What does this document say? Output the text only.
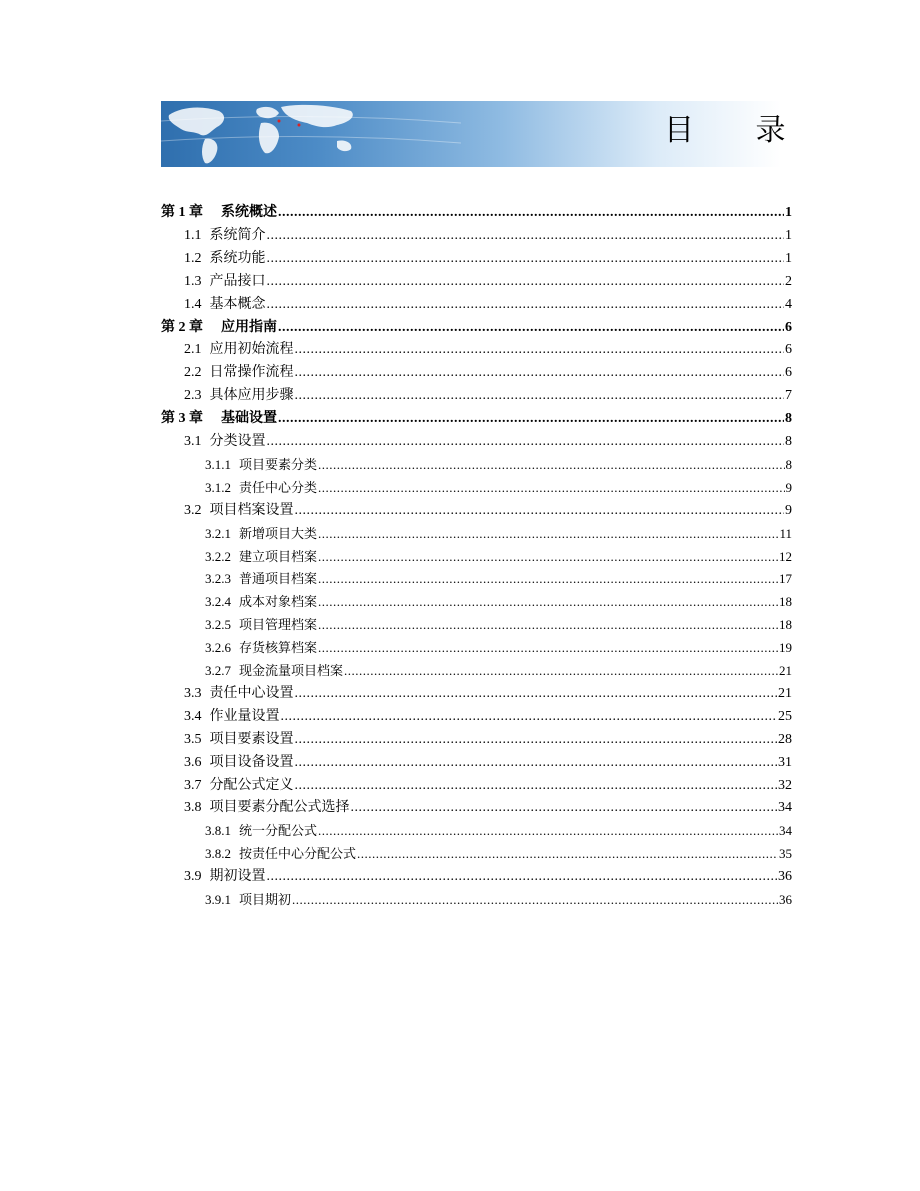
目 录
第 1 章 系统概述 .....	1
1.1 系统简介 .....	1
1.2 系统功能 .....	1
1.3 产品接口 .....	2
1.4 基本概念 .....	4
第 2 章 应用指南 .....	6
2.1 应用初始流程 .....	6
2.2 日常操作流程 .....	6
2.3 具体应用步骤 .....	7
第 3 章 基础设置 .....	8
3.1 分类设置 .....	8
3.1.1 项目要素分类 .....	8
3.1.2 责任中心分类 .....	9
3.2 项目档案设置 .....	9
3.2.1 新增项目大类 .....	11
3.2.2 建立项目档案 .....	12
3.2.3 普通项目档案 .....	17
3.2.4 成本对象档案 .....	18
3.2.5 项目管理档案 .....	18
3.2.6 存货核算档案 .....	19
3.2.7 现金流量项目档案 .....	21
3.3 责任中心设置 .....	21
3.4 作业量设置 .....	25
3.5 项目要素设置 .....	28
3.6 项目设备设置 .....	31
3.7 分配公式定义 .....	32
3.8 项目要素分配公式选择 .....	34
3.8.1 统一分配公式 .....	34
3.8.2 按责任中心分配公式 .....	35
3.9 期初设置 .....	36
3.9.1 项目期初 .....	36
